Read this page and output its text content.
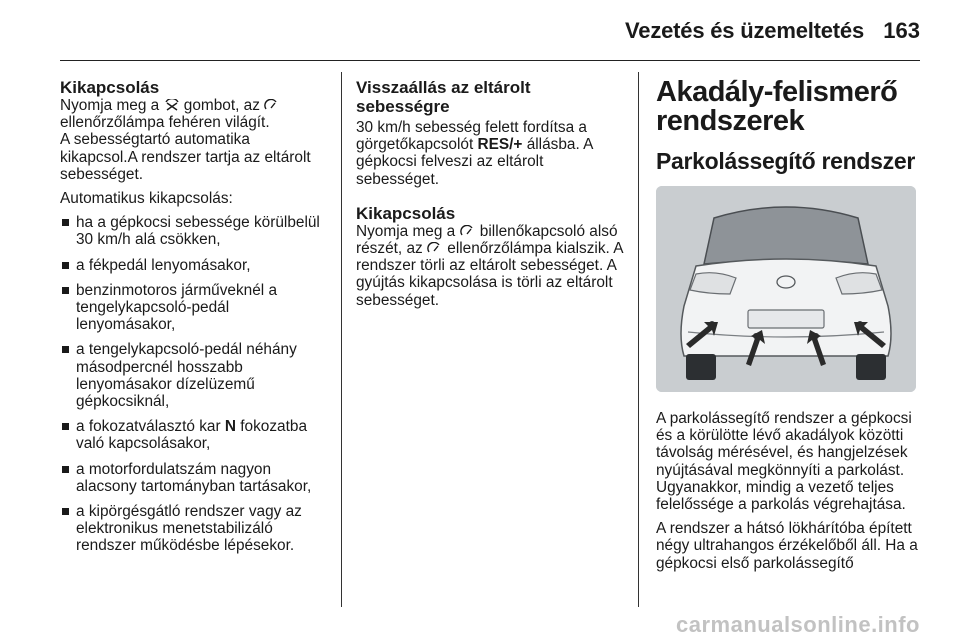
Vezetés és üzemeltetés 163
Kikapcsolás

Nyomja meg a gombot, az

ellenőrzőlámpa fehéren világít.
A sebességtartó automatika kikapcsol.A rendszer tartja az eltárolt sebességet.

Automatikus kikapcsolás:

ha a gépkocsi sebessége körülbelül 30 km/h alá csökken,
a fékpedál lenyomásakor,
benzinmotoros járműveknél a tengelykapcsoló-pedál lenyomásakor,
a tengelykapcsoló-pedál néhány másodpercnél hosszabb lenyomásakor dízelüzemű gépkocsiknál,
a fokozatválasztó kar N fokozatba való kapcsolásakor,
a motorfordulatszám nagyon alacsony tartományban tartásakor,
a kipörgésgátló rendszer vagy az elektronikus menetstabilizáló rendszer működésbe lépésekor.
Visszaállás az eltárolt sebességre

30 km/h sebesség felett fordítsa a görgetőkapcsolót RES/+ állásba. A gépkocsi felveszi az eltárolt sebességet.

Kikapcsolás

Nyomja meg a billenőkapcsoló alsó részét, az ellenőrzőlámpa kialszik. A rendszer törli az eltárolt sebességet. A gyújtás kikapcsolása is törli az eltárolt sebességet.

Akadály-felismerő rendszerek
Parkolássegítő rendszer

A parkolássegítő rendszer a gépkocsi és a körülötte lévő akadályok közötti távolság mérésével, és hangjelzések nyújtásával megkönnyíti a parkolást. Ugyanakkor, mindig a vezető teljes felelőssége a parkolás végrehajtása.

A rendszer a hátsó lökhárítóba épített négy ultrahangos érzékelőből áll. Ha a gépkocsi első parkolássegítő

carmanualsonline.info
